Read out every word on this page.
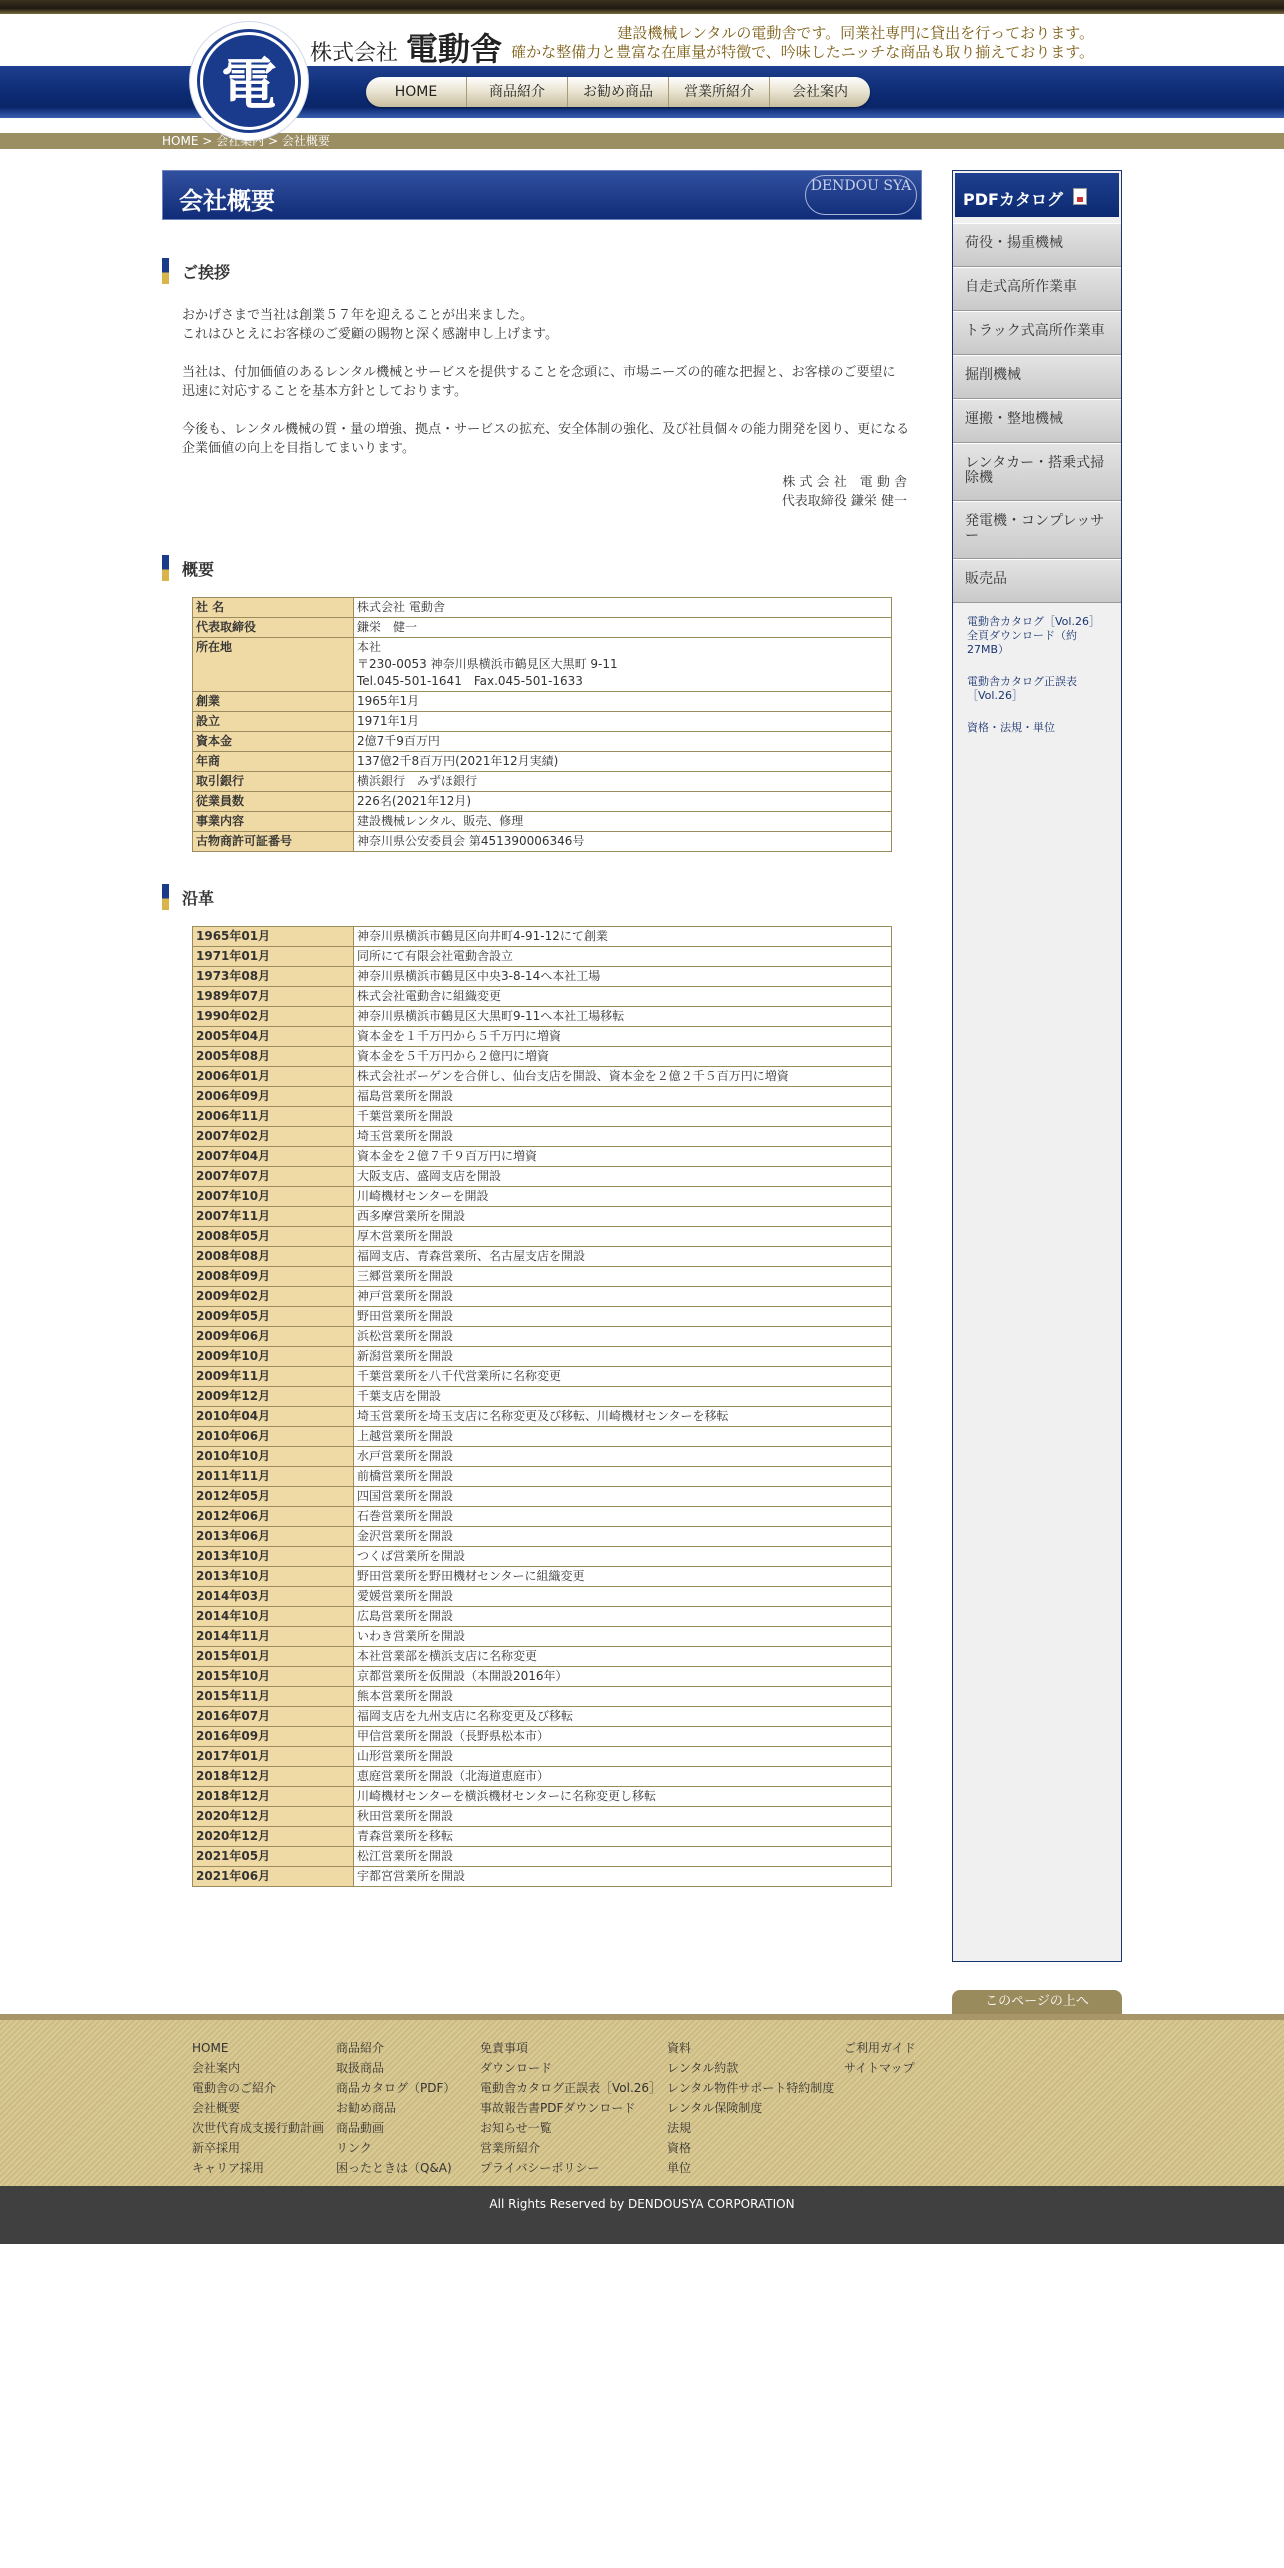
電	株式会社 電動舎	建設機械レンタルの電動舎です。同業社専門に貸出を行っております。
確かな整備力と豊富な在庫量が特徴で、吟味したニッチな商品も取り揃えております。
HOME	商品紹介	お勧め商品	営業所紹介	会社案内
HOME > 会社案内 > 会社概要
会社概要
DENDOU SYA
ご挨拶

おかげさまで当社は創業５７年を迎えることが出来ました。
これはひとえにお客様のご愛顧の賜物と深く感謝申し上げます。

当社は、付加価値のあるレンタル機械とサービスを提供することを念頭に、市場ニーズの的確な把握と、お客様のご要望に
迅速に対応することを基本方針としております。

今後も、レンタル機械の質・量の増強、拠点・サービスの拡充、安全体制の強化、及び社員個々の能力開発を図り、更になる
企業価値の向上を目指してまいります。

株 式 会 社　電 動 舎
代表取締役 鎌栄 健一
概要
社 名	株式会社 電動舎
代表取締役	鎌栄　健一
所在地	本社
〒230-0053 神奈川県横浜市鶴見区大黒町 9-11
Tel.045-501-1641　Fax.045-501-1633

創業	1965年1月
設立	1971年1月
資本金	2億7千9百万円
年商	137億2千8百万円(2021年12月実績)
取引銀行	横浜銀行　みずほ銀行
従業員数	226名(2021年12月)
事業内容	建設機械レンタル、販売、修理
古物商許可証番号	神奈川県公安委員会 第451390006346号
沿革
1965年01月	神奈川県横浜市鶴見区向井町4-91-12にて創業
1971年01月	同所にて有限会社電動舎設立
1973年08月	神奈川県横浜市鶴見区中央3-8-14へ本社工場
1989年07月	株式会社電動舎に組織変更
1990年02月	神奈川県横浜市鶴見区大黒町9-11へ本社工場移転
2005年04月	資本金を１千万円から５千万円に増資
2005年08月	資本金を５千万円から２億円に増資
2006年01月	株式会社ボーゲンを合併し、仙台支店を開設、資本金を２億２千５百万円に増資
2006年09月	福島営業所を開設
2006年11月	千葉営業所を開設
2007年02月	埼玉営業所を開設
2007年04月	資本金を２億７千９百万円に増資
2007年07月	大阪支店、盛岡支店を開設
2007年10月	川崎機材センターを開設
2007年11月	西多摩営業所を開設
2008年05月	厚木営業所を開設
2008年08月	福岡支店、青森営業所、名古屋支店を開設
2008年09月	三郷営業所を開設
2009年02月	神戸営業所を開設
2009年05月	野田営業所を開設
2009年06月	浜松営業所を開設
2009年10月	新潟営業所を開設
2009年11月	千葉営業所を八千代営業所に名称変更
2009年12月	千葉支店を開設
2010年04月	埼玉営業所を埼玉支店に名称変更及び移転、川崎機材センターを移転
2010年06月	上越営業所を開設
2010年10月	水戸営業所を開設
2011年11月	前橋営業所を開設
2012年05月	四国営業所を開設
2012年06月	石巻営業所を開設
2013年06月	金沢営業所を開設
2013年10月	つくば営業所を開設
2013年10月	野田営業所を野田機材センターに組織変更
2014年03月	愛媛営業所を開設
2014年10月	広島営業所を開設
2014年11月	いわき営業所を開設
2015年01月	本社営業部を横浜支店に名称変更
2015年10月	京都営業所を仮開設（本開設2016年）
2015年11月	熊本営業所を開設
2016年07月	福岡支店を九州支店に名称変更及び移転
2016年09月	甲信営業所を開設（長野県松本市）
2017年01月	山形営業所を開設
2018年12月	恵庭営業所を開設（北海道恵庭市）
2018年12月	川崎機材センターを横浜機材センターに名称変更し移転
2020年12月	秋田営業所を開設
2020年12月	青森営業所を移転
2021年05月	松江営業所を開設
2021年06月	宇都宮営業所を開設
PDFカタログ
荷役・揚重機械
自走式高所作業車
トラック式高所作業車
掘削機械
運搬・整地機械
レンタカー・搭乗式掃除機
発電機・コンプレッサー
販売品
電動舎カタログ［Vol.26］全頁ダウンロード（約27MB）
電動舎カタログ正誤表［Vol.26］
資格・法規・単位
このページの上へ
HOME
会社案内
電動舎のご紹介
会社概要
次世代育成支援行動計画
新卒採用
キャリア採用
商品紹介
取扱商品
商品カタログ（PDF）
お勧め商品
商品動画
リンク
困ったときは（Q&A)
免責事項
ダウンロード
電動舎カタログ正誤表［Vol.26］
事故報告書PDFダウンロード
お知らせ一覧
営業所紹介
プライバシーポリシー
資料
レンタル約款
レンタル物件サポート特約制度
レンタル保険制度
法規
資格
単位
ご利用ガイド
サイトマップ
All Rights Reserved by DENDOUSYA CORPORATION
